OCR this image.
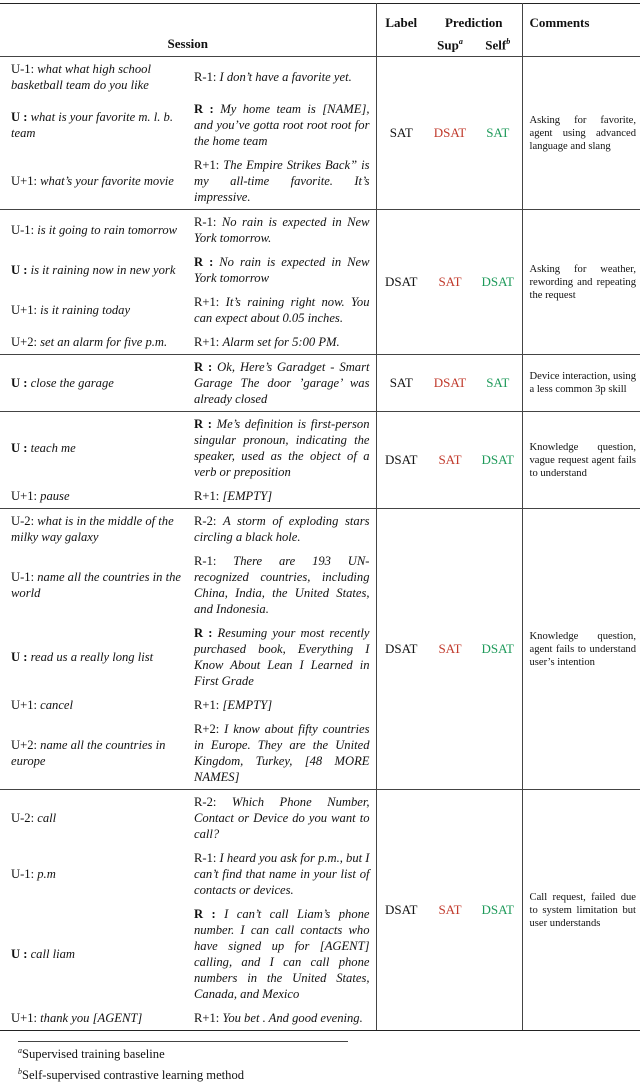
Session		Label	Prediction		Comments
			Sup$^a$	Self$^b$	
U-1: what what high school basketball team do you like	R-1: I don’t have a favorite yet.	SAT	DSAT	SAT	Asking for favorite, agent using advanced language and slang
U : what is your favorite m. l. b. team	R : My home team is [NAME], and you’ve gotta root root root for the home team				
U+1: what’s your favorite movie	R+1: The Empire Strikes Back” is my all-time favorite. It’s impressive.				
U-1: is it going to rain tomorrow	R-1: No rain is expected in New York tomorrow.	DSAT	SAT	DSAT	Asking for weather, rewording and repeating the request
U : is it raining now in new york	R : No rain is expected in New York tomorrow				
U+1: is it raining today	R+1: It’s raining right now. You can expect about 0.05 inches.				
U+2: set an alarm for five p.m.	R+1: Alarm set for 5:00 PM.				
U : close the garage	R : Ok, Here’s Garadget - Smart Garage The door ’garage’ was already closed	SAT	DSAT	SAT	Device interaction, using a less common 3p skill
U : teach me	R : Me’s definition is first-person singular pronoun, indicating the speaker, used as the object of a verb or preposition	DSAT	SAT	DSAT	Knowledge question, vague request agent fails to understand
U+1: pause	R+1: [EMPTY]				
U-2: what is in the middle of the milky way galaxy	R-2: A storm of exploding stars circling a black hole.	DSAT	SAT	DSAT	Knowledge question, agent fails to understand user’s intention
U-1: name all the countries in the world	R-1: There are 193 UN-recognized countries, including China, India, the United States, and Indonesia.				
U : read us a really long list	R : Resuming your most recently purchased book, Everything I Know About Lean I Learned in First Grade				
U+1: cancel	R+1: [EMPTY]				
U+2: name all the countries in europe	R+2: I know about fifty countries in Europe. They are the United Kingdom, Turkey, [48 MORE NAMES]				
U-2: call	R-2: Which Phone Number, Contact or Device do you want to call?	DSAT	SAT	DSAT	Call request, failed due to system limitation but user understands
U-1: p.m	R-1: I heard you ask for p.m., but I can’t find that name in your list of contacts or devices.				
U : call liam	R : I can’t call Liam’s phone number. I can call contacts who have signed up for [AGENT] calling, and I can call phone numbers in the United States, Canada, and Mexico				
U+1: thank you [AGENT]	R+1: You bet . And good evening.				
$^a$Supervised training baseline
$^b$Self-supervised contrastive learning method
